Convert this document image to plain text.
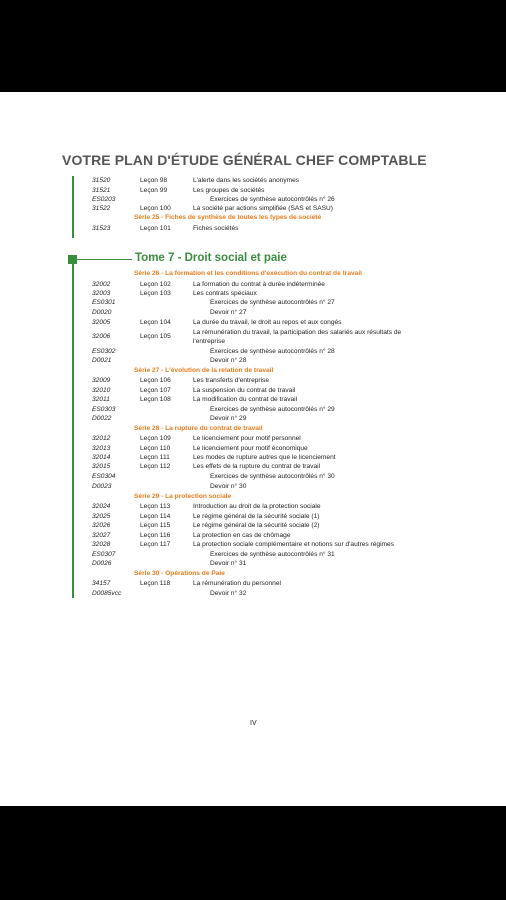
VOTRE PLAN D'ÉTUDE GÉNÉRAL CHEF COMPTABLE
31520	Leçon 98	L'alerte dans les sociétés anonymes
31521	Leçon 99	Les groupes de sociétés
ES0203	Exercices de synthèse autocontrôlés n° 26
31522	Leçon 100	La société par actions simplifiée (SAS et SASU)
Série 25 - Fiches de synthèse de toutes les types de société
31523	Leçon 101	Fiches sociétés
Tome 7 - Droit social et paie
Série 26 - La formation et les conditions d'exécution du contrat de travail
32002	Leçon 102	La formation du contrat à durée indéterminée
32003	Leçon 103	Les contrats spéciaux
ES0301	Exercices de synthèse autocontrôlés n° 27
D0020	Devoir n° 27
32005	Leçon 104	La durée du travail, le droit au repos et aux congés
32006	Leçon 105
La rémunération du travail, la participation des salariés aux résultats de l'entreprise
ES0302	Exercices de synthèse autocontrôlés n° 28
D0021	Devoir n° 28
Série 27 - L'évolution de la relation de travail
32009	Leçon 106	Les transferts d'entreprise
32010	Leçon 107	La suspension du contrat de travail
32011	Leçon 108	La modification du contrat de travail
ES0303	Exercices de synthèse autocontrôlés n° 29
D0022	Devoir n° 29
Série 28 - La rupture du contrat de travail
32012	Leçon 109	Le licenciement pour motif personnel
32013	Leçon 110	Le licenciement pour motif économique
32014	Leçon 111	Les modes de rupture autres que le licenciement
32015	Leçon 112	Les effets de la rupture du contrat de travail
ES0304	Exercices de synthèse autocontrôlés n° 30
D0023	Devoir n° 30
Série 29 - La protection sociale
32024	Leçon 113	Introduction au droit de la protection sociale
32025	Leçon 114	Le régime général de la sécurité sociale (1)
32026	Leçon 115	Le régime général de la sécurité sociale (2)
32027	Leçon 116	La protection en cas de chômage
32028	Leçon 117	La protection sociale complémentaire et notions sur d'autres régimes
ES0307	Exercices de synthèse autocontrôlés n° 31
D0026	Devoir n° 31
Série 30 - Opérations de Paie
34157	Leçon 118	La rémunération du personnel
D0085vcc	Devoir n° 32
IV
